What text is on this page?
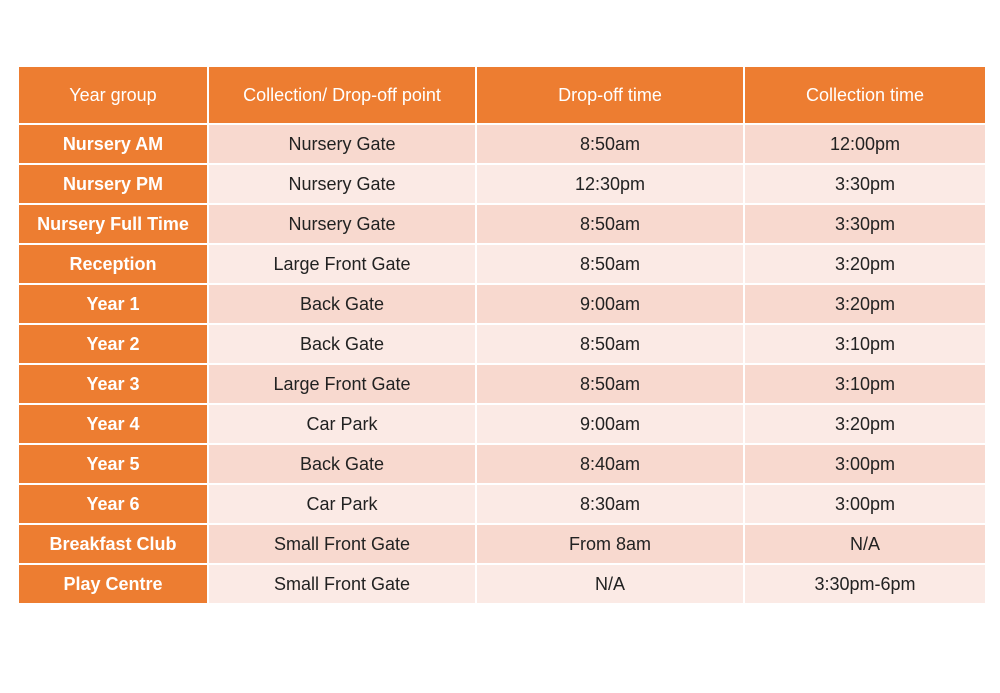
Year group	Collection/ Drop-off point	Drop-off time	Collection time
Nursery AM	Nursery Gate	8:50am	12:00pm
Nursery PM	Nursery Gate	12:30pm	3:30pm
Nursery Full Time	Nursery Gate	8:50am	3:30pm
Reception	Large Front Gate	8:50am	3:20pm
Year 1	Back Gate	9:00am	3:20pm
Year 2	Back Gate	8:50am	3:10pm
Year 3	Large Front Gate	8:50am	3:10pm
Year 4	Car Park	9:00am	3:20pm
Year 5	Back Gate	8:40am	3:00pm
Year 6	Car Park	8:30am	3:00pm
Breakfast Club	Small Front Gate	From 8am	N/A
Play Centre	Small Front Gate	N/A	3:30pm-6pm
